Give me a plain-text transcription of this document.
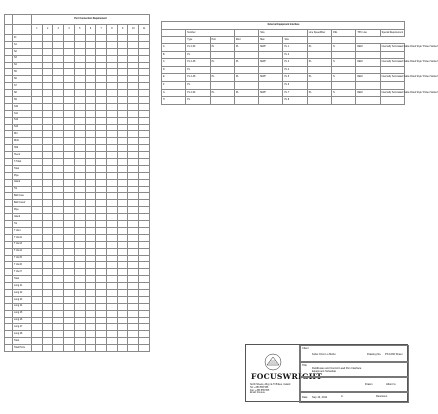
		Port Connection Requirement										
		1	2	3	4	5	6	7	8	9	10	11
	IN											
	S1											
	S2											
	S3											
	S4											
	S5											
	S6											
	S7											
	S8											
	S9											
	S10											
	S11											
	S12											
	S13											
	Dbl											
	Dbl2											
	Hdd											
	Hvent											
	T-Total											
	Total											
	Pipe											
	Gland											
	Tot											
	Ball Cone											
	Ball Cone2											
	Pipe											
	Gland											
	Tot											
	T Vent											
	T Vent2											
	T Vent3											
	T Vent4											
	T Vent5											
	T Vent6											
	T Vent7											
	Total											
	Long 21											
	Long 22											
	Long 23											
	Long 24											
	Long 25											
	Long 26											
	Long 27											
	Long 28											
	Total											
	Total Ports											
External Equipment Interface									
	Number			Size		Line Speed/Rev	P&L	TPC Line	Special Requirement
	Type	Port	Mod	Max	Size				
A	PL 2-60	IN	PL	MWP	PL 1	PL	N	REM	Internally Terminated Cable Fitted Style "Power Socket"
B	PL				PL 2				
C	PL 2-48	PL	PL	MWP	PL 3	PL	N	REM	Internally Terminated Cable Fitted Style "Power Socket"
D	PL				PL 4				
E	PL 2-48	PL	PL	MWP	PL 5	PL	N	REM	Internally Terminated Cable Fitted Style "Power Socket"
F	PL				PL 6				
G	PL 2-60	PL	PL	MWP	PL 7	PL	N	REM	Internally Terminated Cable Fitted Style "Power Socket"
H	PL				PL 8				
FOCUSWRIGHT
North Sheets, Alloy, E-Tr Brikes, Ireland
Tel: +353 555 555
Fax: +353 555 555
Email: focus.ie
Client
Kobe Ozco Lo Moho	Drawing No. PS 1060 Sheet
Title
Fieldbuses and Control Lead Pen Interface Equipment Schedule
Drawn	Albert G.
Date Sep 13, 2011	A	Revisions
